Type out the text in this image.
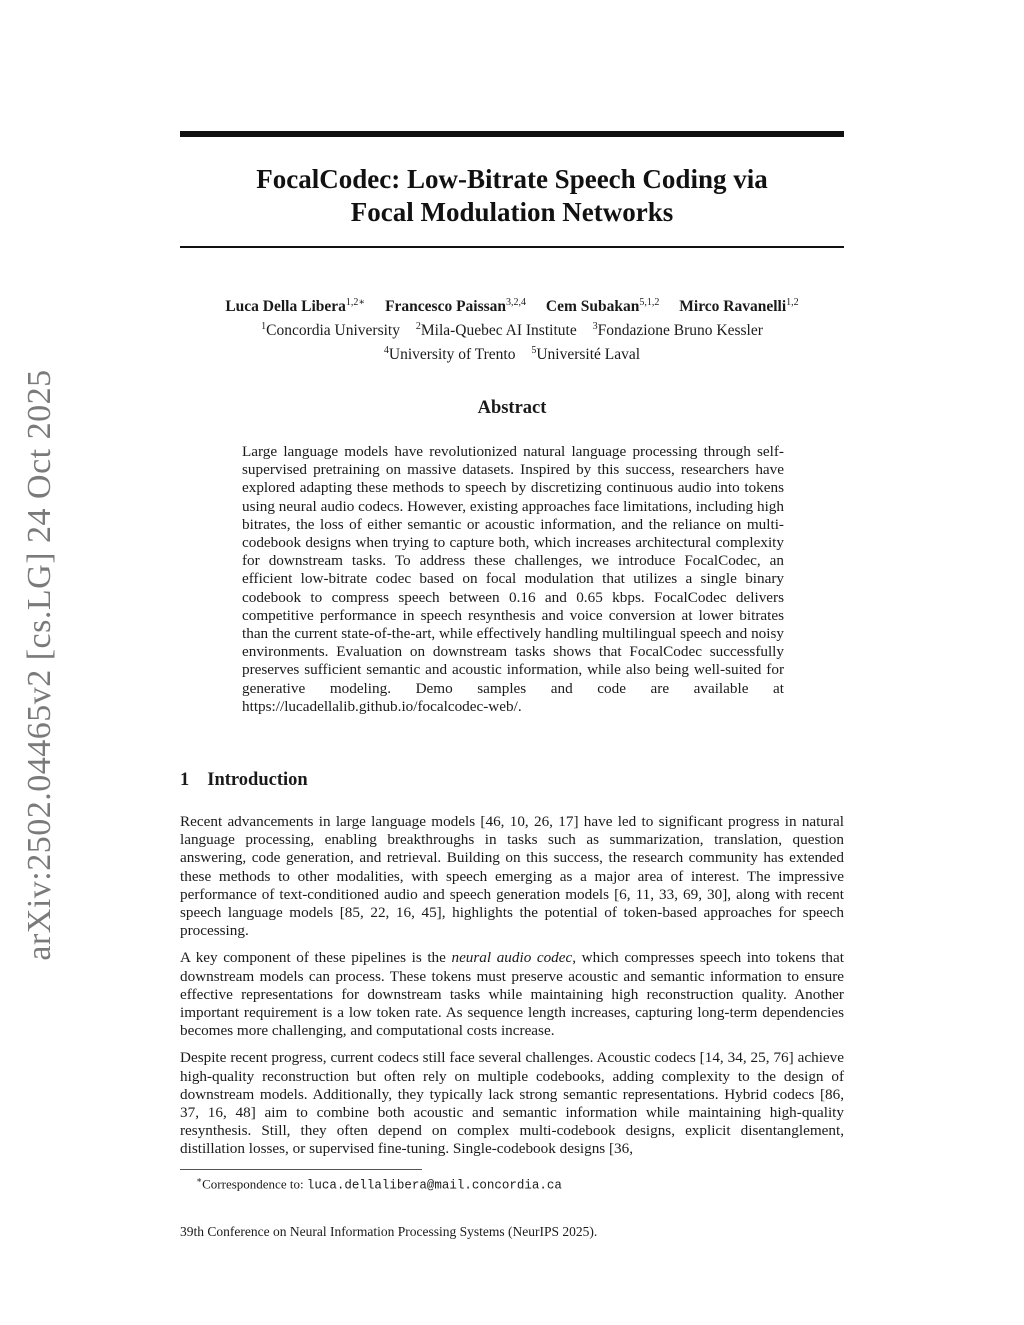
arXiv:2502.04465v2 [cs.LG] 24 Oct 2025
FocalCodec: Low-Bitrate Speech Coding via
Focal Modulation Networks
Luca Della Libera$^{1,2∗}$ Francesco Paissan$^{3,2,4}$ Cem Subakan$^{5,1,2}$ Mirco Ravanelli$^{1,2}$
$^1$Concordia University $^2$Mila-Quebec AI Institute $^3$Fondazione Bruno Kessler
$^4$University of Trento $^5$Université Laval
Abstract
Large language models have revolutionized natural language processing through self-supervised pretraining on massive datasets. Inspired by this success, researchers have explored adapting these methods to speech by discretizing continuous audio into tokens using neural audio codecs. However, existing approaches face limitations, including high bitrates, the loss of either semantic or acoustic information, and the reliance on multi-codebook designs when trying to capture both, which increases architectural complexity for downstream tasks. To address these challenges, we introduce FocalCodec, an efficient low-bitrate codec based on focal modulation that utilizes a single binary codebook to compress speech between 0.16 and 0.65 kbps. FocalCodec delivers competitive performance in speech resynthesis and voice conversion at lower bitrates than the current state-of-the-art, while effectively handling multilingual speech and noisy environments. Evaluation on downstream tasks shows that FocalCodec successfully preserves sufficient semantic and acoustic information, while also being well-suited for generative modeling. Demo samples and code are available at https://lucadellalib.github.io/focalcodec-web/.
1 Introduction

Recent advancements in large language models [46, 10, 26, 17] have led to significant progress in natural language processing, enabling breakthroughs in tasks such as summarization, translation, question answering, code generation, and retrieval. Building on this success, the research community has extended these methods to other modalities, with speech emerging as a major area of interest. The impressive performance of text-conditioned audio and speech generation models [6, 11, 33, 69, 30], along with recent speech language models [85, 22, 16, 45], highlights the potential of token-based approaches for speech processing.

A key component of these pipelines is the neural audio codec, which compresses speech into tokens that downstream models can process. These tokens must preserve acoustic and semantic information to ensure effective representations for downstream tasks while maintaining high reconstruction quality. Another important requirement is a low token rate. As sequence length increases, capturing long-term dependencies becomes more challenging, and computational costs increase.

Despite recent progress, current codecs still face several challenges. Acoustic codecs [14, 34, 25, 76] achieve high-quality reconstruction but often rely on multiple codebooks, adding complexity to the design of downstream models. Additionally, they typically lack strong semantic representations. Hybrid codecs [86, 37, 16, 48] aim to combine both acoustic and semantic information while maintaining high-quality resynthesis. Still, they often depend on complex multi-codebook designs, explicit disentanglement, distillation losses, or supervised fine-tuning. Single-codebook designs [36,

∗Correspondence to: luca.dellalibera@mail.concordia.ca
39th Conference on Neural Information Processing Systems (NeurIPS 2025).
